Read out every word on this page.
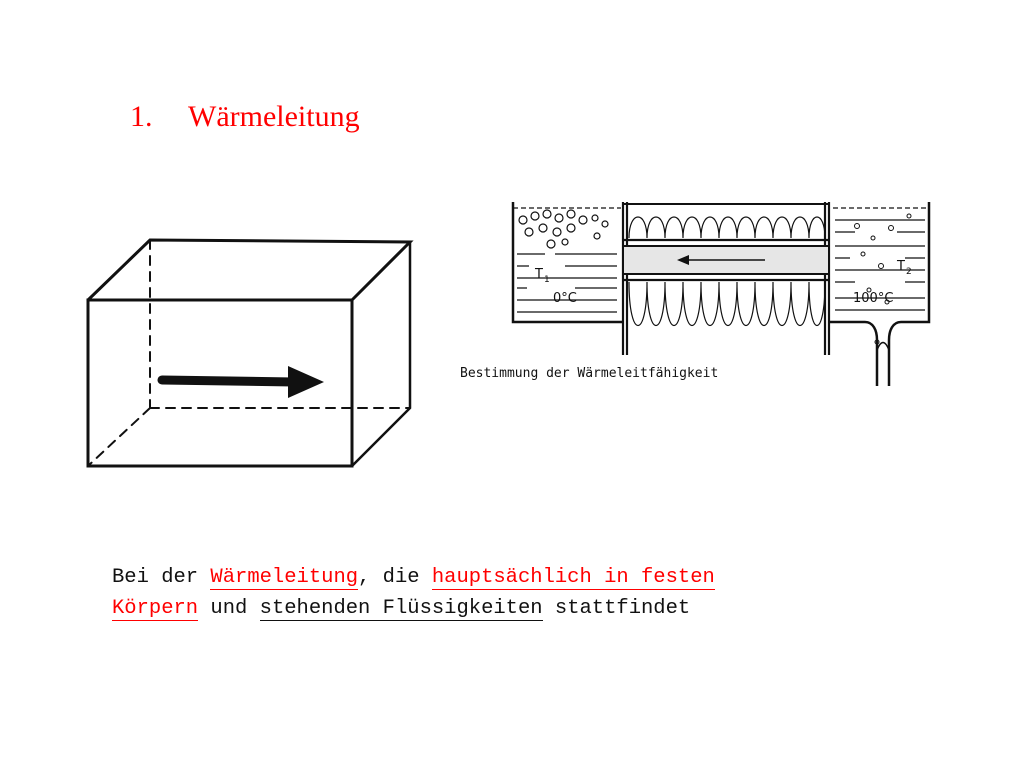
1. Wärmeleitung
T 1
0°C
T 2
100°C
Bestimmung der Wärmeleitfähigkeit
Bei der Wärmeleitung, die hauptsächlich in festen
Körpern und stehenden Flüssigkeiten stattfindet
